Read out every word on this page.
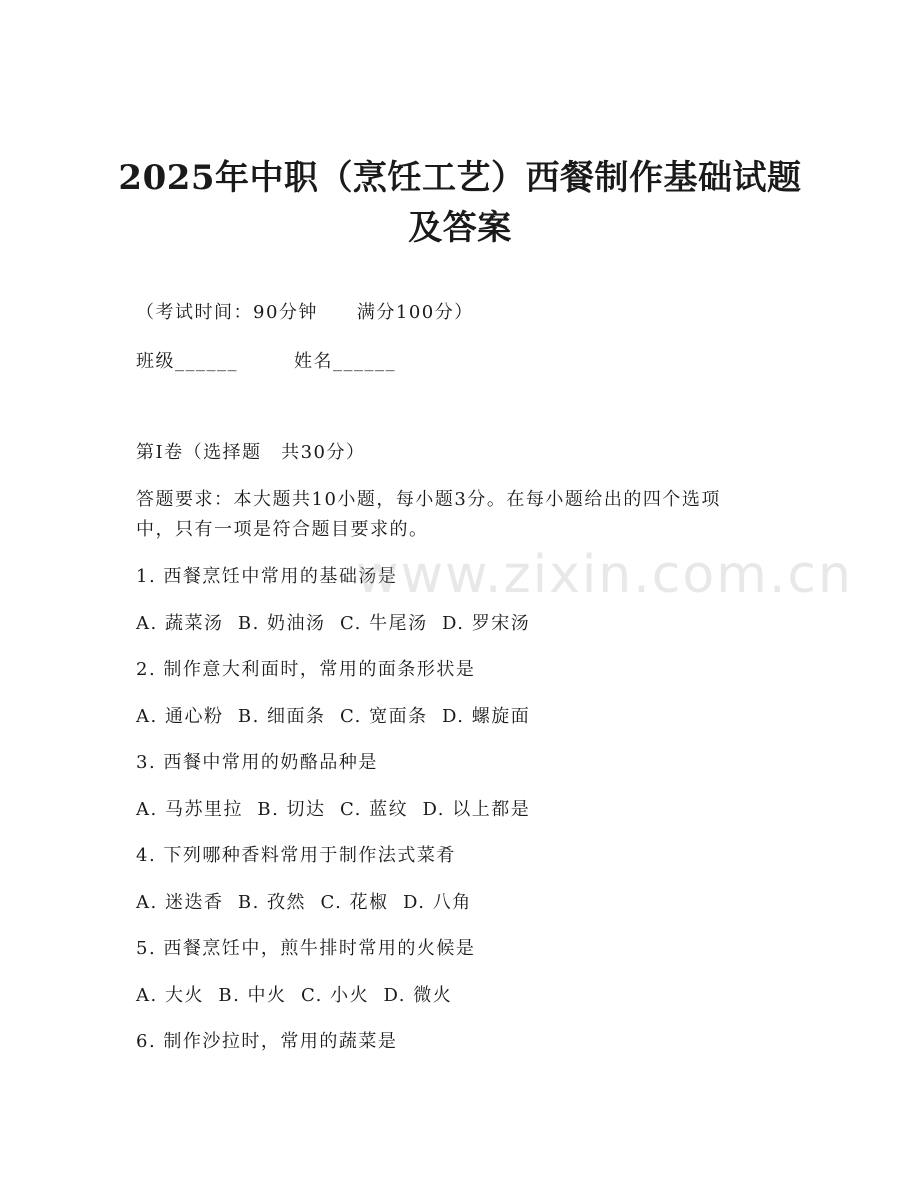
2025年中职（烹饪工艺）西餐制作基础试题
及答案
（考试时间：90分钟　　满分100分）
班级______	姓名______
第Ⅰ卷（选择题　共30分）
答题要求：本大题共10小题，每小题3分。在每小题给出的四个选项
中，只有一项是符合题目要求的。
1. 西餐烹饪中常用的基础汤是
A. 蔬菜汤  B. 奶油汤  C. 牛尾汤  D. 罗宋汤
2. 制作意大利面时，常用的面条形状是
A. 通心粉  B. 细面条  C. 宽面条  D. 螺旋面
3. 西餐中常用的奶酪品种是
A. 马苏里拉  B. 切达  C. 蓝纹  D. 以上都是
4. 下列哪种香料常用于制作法式菜肴
A. 迷迭香  B. 孜然  C. 花椒  D. 八角
5. 西餐烹饪中，煎牛排时常用的火候是
A. 大火  B. 中火  C. 小火  D. 微火
6. 制作沙拉时，常用的蔬菜是
www.zixin.com.cn
